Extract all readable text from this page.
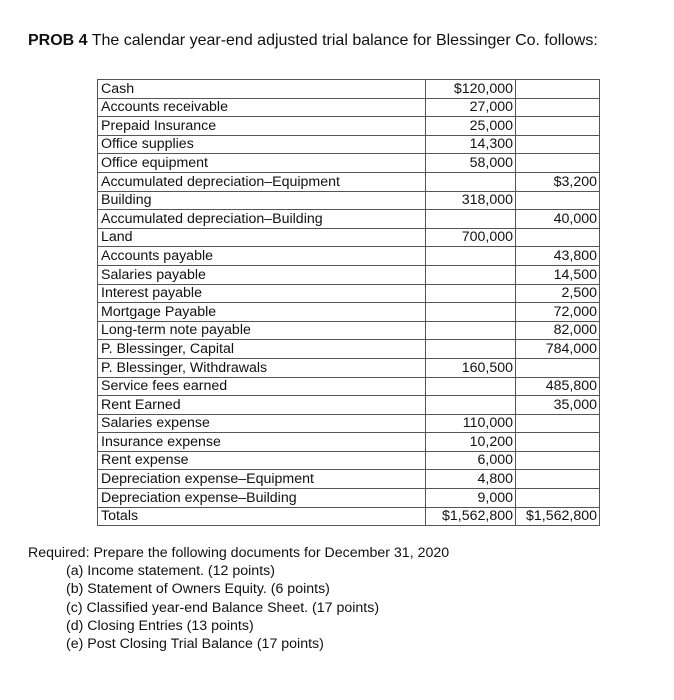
PROB 4 The calendar year-end adjusted trial balance for Blessinger Co. follows:
Cash	$120,000	
Accounts receivable	27,000	
Prepaid Insurance	25,000	
Office supplies	14,300	
Office equipment	58,000	
Accumulated depreciation–Equipment		$3,200
Building	318,000	
Accumulated depreciation–Building		40,000
Land	700,000	
Accounts payable		43,800
Salaries payable		14,500
Interest payable		2,500
Mortgage Payable		72,000
Long-term note payable		82,000
P. Blessinger, Capital		784,000
P. Blessinger, Withdrawals	160,500	
Service fees earned		485,800
Rent Earned		35,000
Salaries expense	110,000	
Insurance expense	10,200	
Rent expense	6,000	
Depreciation expense–Equipment	4,800	
Depreciation expense–Building	9,000	
Totals	$1,562,800	$1,562,800
Required: Prepare the following documents for December 31, 2020
(a) Income statement. (12 points)
(b) Statement of Owners Equity. (6 points)
(c) Classified year-end Balance Sheet. (17 points)
(d) Closing Entries (13 points)
(e) Post Closing Trial Balance (17 points)
